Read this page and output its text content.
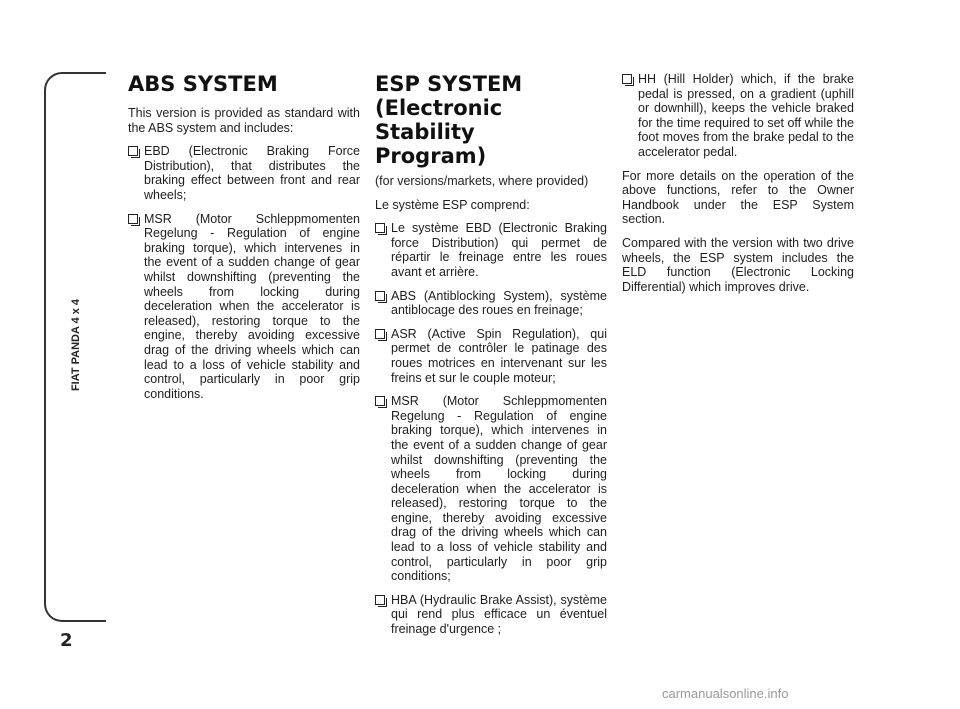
FIAT PANDA 4 x 4
2
ABS SYSTEM

This version is provided as standard with the ABS system and includes:

EBD (Electronic Braking Force Distribution), that distributes the braking effect between front and rear wheels;
MSR (Motor Schleppmomenten Regelung - Regulation of engine braking torque), which intervenes in the event of a sudden change of gear whilst downshifting (preventing the wheels from locking during deceleration when the accelerator is released), restoring torque to the engine, thereby avoiding excessive drag of the driving wheels which can lead to a loss of vehicle stability and control, particularly in poor grip conditions.
ESP SYSTEM
(Electronic Stability
Program)

(for versions/markets, where provided)

Le système ESP comprend:

Le système EBD (Electronic Braking force Distribution) qui permet de répartir le freinage entre les roues avant et arrière.
ABS (Antiblocking System), système antiblocage des roues en freinage;
ASR (Active Spin Regulation), qui permet de contrôler le patinage des roues motrices en intervenant sur les freins et sur le couple moteur;
MSR (Motor Schleppmomenten Regelung - Regulation of engine braking torque), which intervenes in the event of a sudden change of gear whilst downshifting (preventing the wheels from locking during deceleration when the accelerator is released), restoring torque to the engine, thereby avoiding excessive drag of the driving wheels which can lead to a loss of vehicle stability and control, particularly in poor grip conditions;
HBA (Hydraulic Brake Assist), système qui rend plus efficace un éventuel freinage d'urgence ;
HH (Hill Holder) which, if the brake pedal is pressed, on a gradient (uphill or downhill), keeps the vehicle braked for the time required to set off while the foot moves from the brake pedal to the accelerator pedal.

For more details on the operation of the above functions, refer to the Owner Handbook under the ESP System section.

Compared with the version with two drive wheels, the ESP system includes the ELD function (Electronic Locking Differential) which improves drive.

carmanualsonline.info
